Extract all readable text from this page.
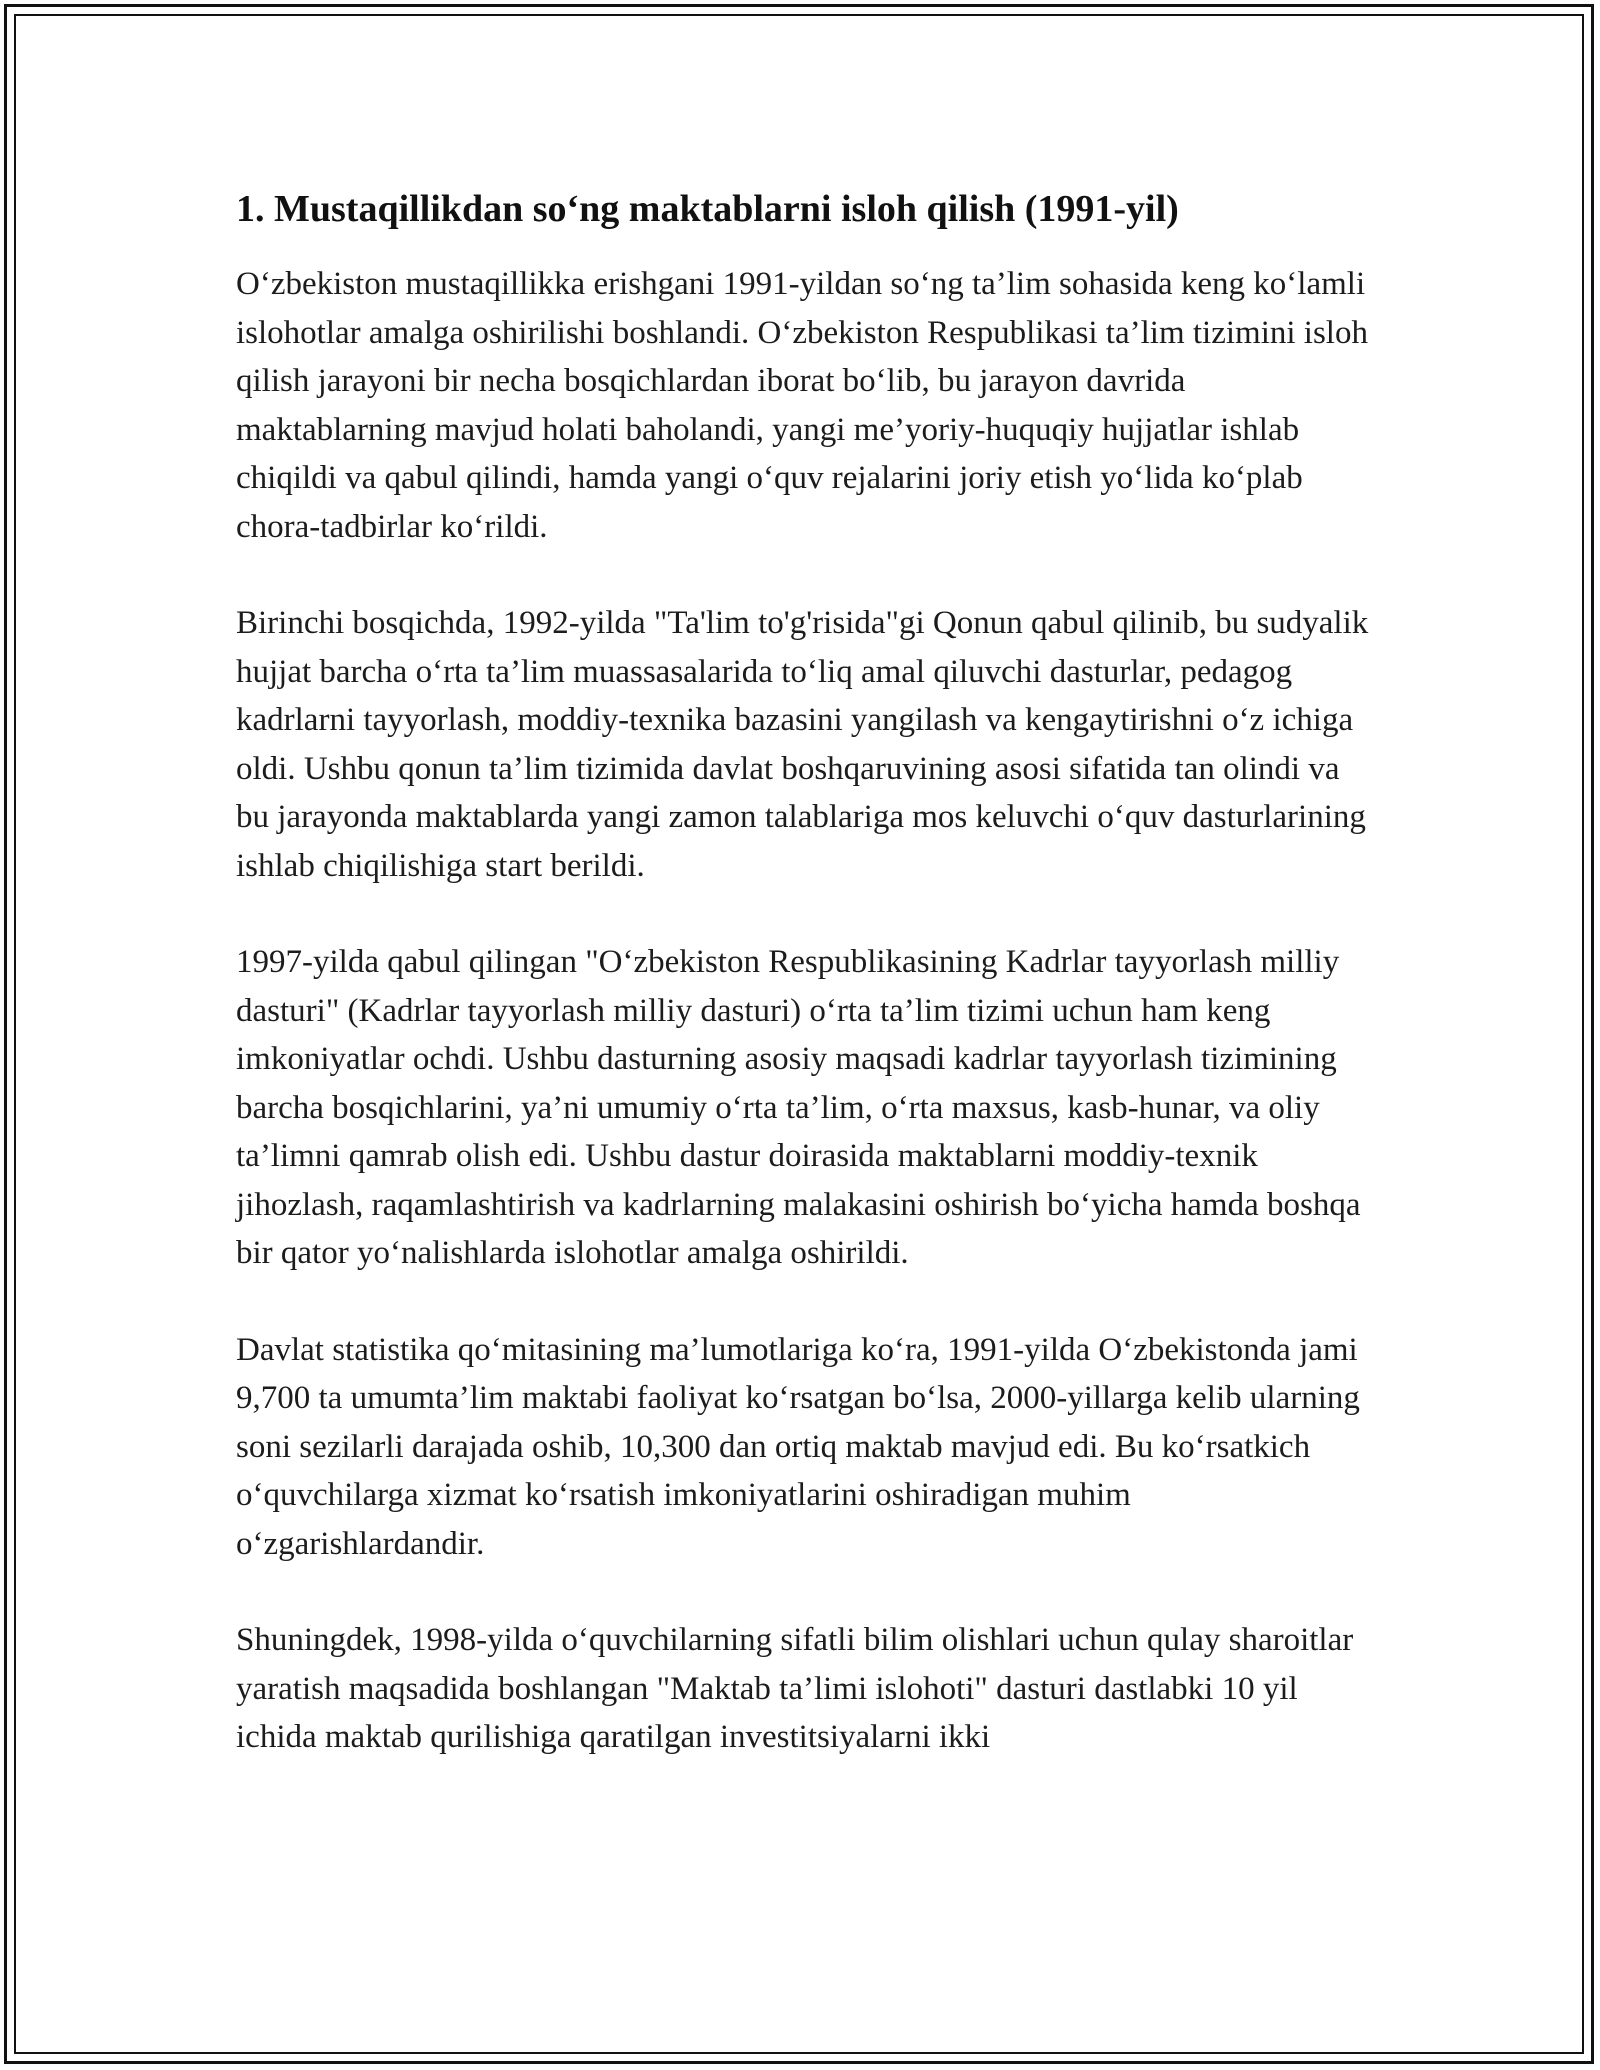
1. Mustaqillikdan so‘ng maktablarni isloh qilish (1991-yil)

O‘zbekiston mustaqillikka erishgani 1991-yildan so‘ng ta’lim sohasida keng ko‘lamli islohotlar amalga oshirilishi boshlandi. O‘zbekiston Respublikasi ta’lim tizimini isloh qilish jarayoni bir necha bosqichlardan iborat bo‘lib, bu jarayon davrida maktablarning mavjud holati baholandi, yangi me’yoriy-huquqiy hujjatlar ishlab chiqildi va qabul qilindi, hamda yangi o‘quv rejalarini joriy etish yo‘lida ko‘plab chora-tadbirlar ko‘rildi.

Birinchi bosqichda, 1992-yilda "Ta'lim to'g'risida"gi Qonun qabul qilinib, bu sudyalik hujjat barcha o‘rta ta’lim muassasalarida to‘liq amal qiluvchi dasturlar, pedagog kadrlarni tayyorlash, moddiy-texnika bazasini yangilash va kengaytirishni o‘z ichiga oldi. Ushbu qonun ta’lim tizimida davlat boshqaruvining asosi sifatida tan olindi va bu jarayonda maktablarda yangi zamon talablariga mos keluvchi o‘quv dasturlarining ishlab chiqilishiga start berildi.

1997-yilda qabul qilingan "O‘zbekiston Respublikasining Kadrlar tayyorlash milliy dasturi" (Kadrlar tayyorlash milliy dasturi) o‘rta ta’lim tizimi uchun ham keng imkoniyatlar ochdi. Ushbu dasturning asosiy maqsadi kadrlar tayyorlash tizimining barcha bosqichlarini, ya’ni umumiy o‘rta ta’lim, o‘rta maxsus, kasb-hunar, va oliy ta’limni qamrab olish edi. Ushbu dastur doirasida maktablarni moddiy-texnik jihozlash, raqamlashtirish va kadrlarning malakasini oshirish bo‘yicha hamda boshqa bir qator yo‘nalishlarda islohotlar amalga oshirildi.

Davlat statistika qo‘mitasining ma’lumotlariga ko‘ra, 1991-yilda O‘zbekistonda jami 9,700 ta umumta’lim maktabi faoliyat ko‘rsatgan bo‘lsa, 2000-yillarga kelib ularning soni sezilarli darajada oshib, 10,300 dan ortiq maktab mavjud edi. Bu ko‘rsatkich o‘quvchilarga xizmat ko‘rsatish imkoniyatlarini oshiradigan muhim o‘zgarishlardandir.

Shuningdek, 1998-yilda o‘quvchilarning sifatli bilim olishlari uchun qulay sharoitlar yaratish maqsadida boshlangan "Maktab ta’limi islohoti" dasturi dastlabki 10 yil ichida maktab qurilishiga qaratilgan investitsiyalarni ikki
